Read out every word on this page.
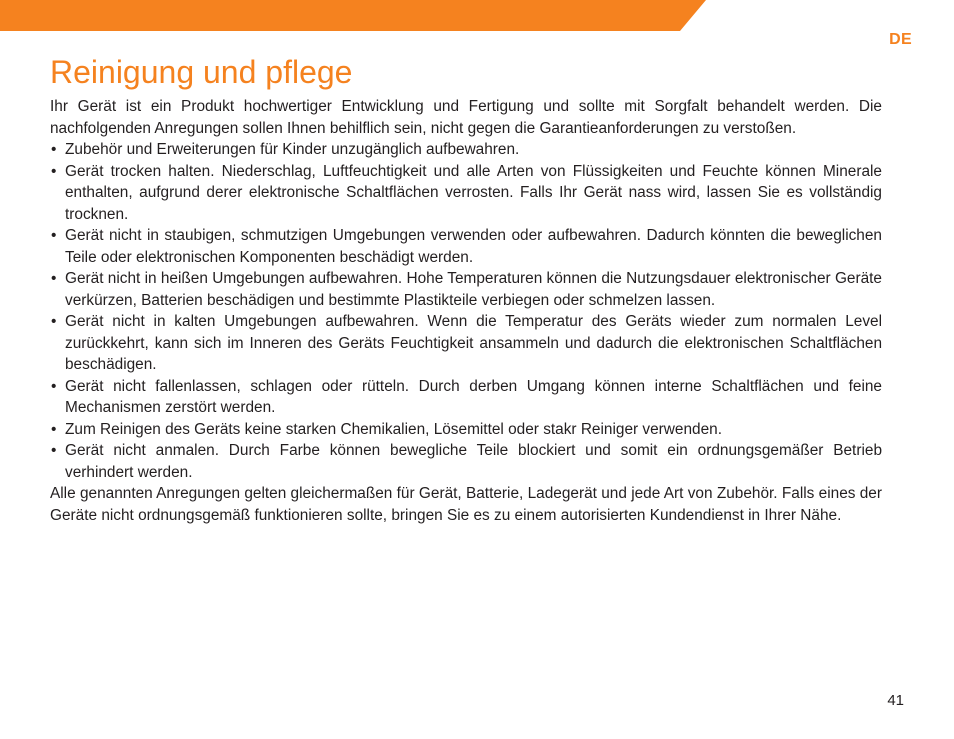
DE
Reinigung und pflege

Ihr Gerät ist ein Produkt hochwertiger Entwicklung und Fertigung und sollte mit Sorgfalt behandelt werden. Die nachfolgenden Anregungen sollen Ihnen behilflich sein, nicht gegen die Garantieanforderungen zu verstoßen.

• Zubehör und Erweiterungen für Kinder unzugänglich aufbewahren.
• Gerät trocken halten. Niederschlag, Luftfeuchtigkeit und alle Arten von Flüssigkeiten und Feuchte können Minerale enthalten, aufgrund derer elektronische Schaltflächen verrosten. Falls Ihr Gerät nass wird, lassen Sie es vollständig trocknen.
• Gerät nicht in staubigen, schmutzigen Umgebungen verwenden oder aufbewahren. Dadurch könnten die beweglichen Teile oder elektronischen Komponenten beschädigt werden.
• Gerät nicht in heißen Umgebungen aufbewahren. Hohe Temperaturen können die Nutzungsdauer elektronischer Geräte verkürzen, Batterien beschädigen und bestimmte Plastikteile verbiegen oder schmelzen lassen.
• Gerät nicht in kalten Umgebungen aufbewahren. Wenn die Temperatur des Geräts wieder zum normalen Level zurückkehrt, kann sich im Inneren des Geräts Feuchtigkeit ansammeln und dadurch die elektronischen Schaltflächen beschädigen.
• Gerät nicht fallenlassen, schlagen oder rütteln. Durch derben Umgang können interne Schaltflächen und feine Mechanismen zerstört werden.
• Zum Reinigen des Geräts keine starken Chemikalien, Lösemittel oder stakr Reiniger verwenden.
• Gerät nicht anmalen. Durch Farbe können bewegliche Teile blockiert und somit ein ordnungsgemäßer Betrieb verhindert werden.

Alle genannten Anregungen gelten gleichermaßen für Gerät, Batterie, Ladegerät und jede Art von Zubehör. Falls eines der Geräte nicht ordnungsgemäß funktionieren sollte, bringen Sie es zu einem autorisierten Kundendienst in Ihrer Nähe.

41
